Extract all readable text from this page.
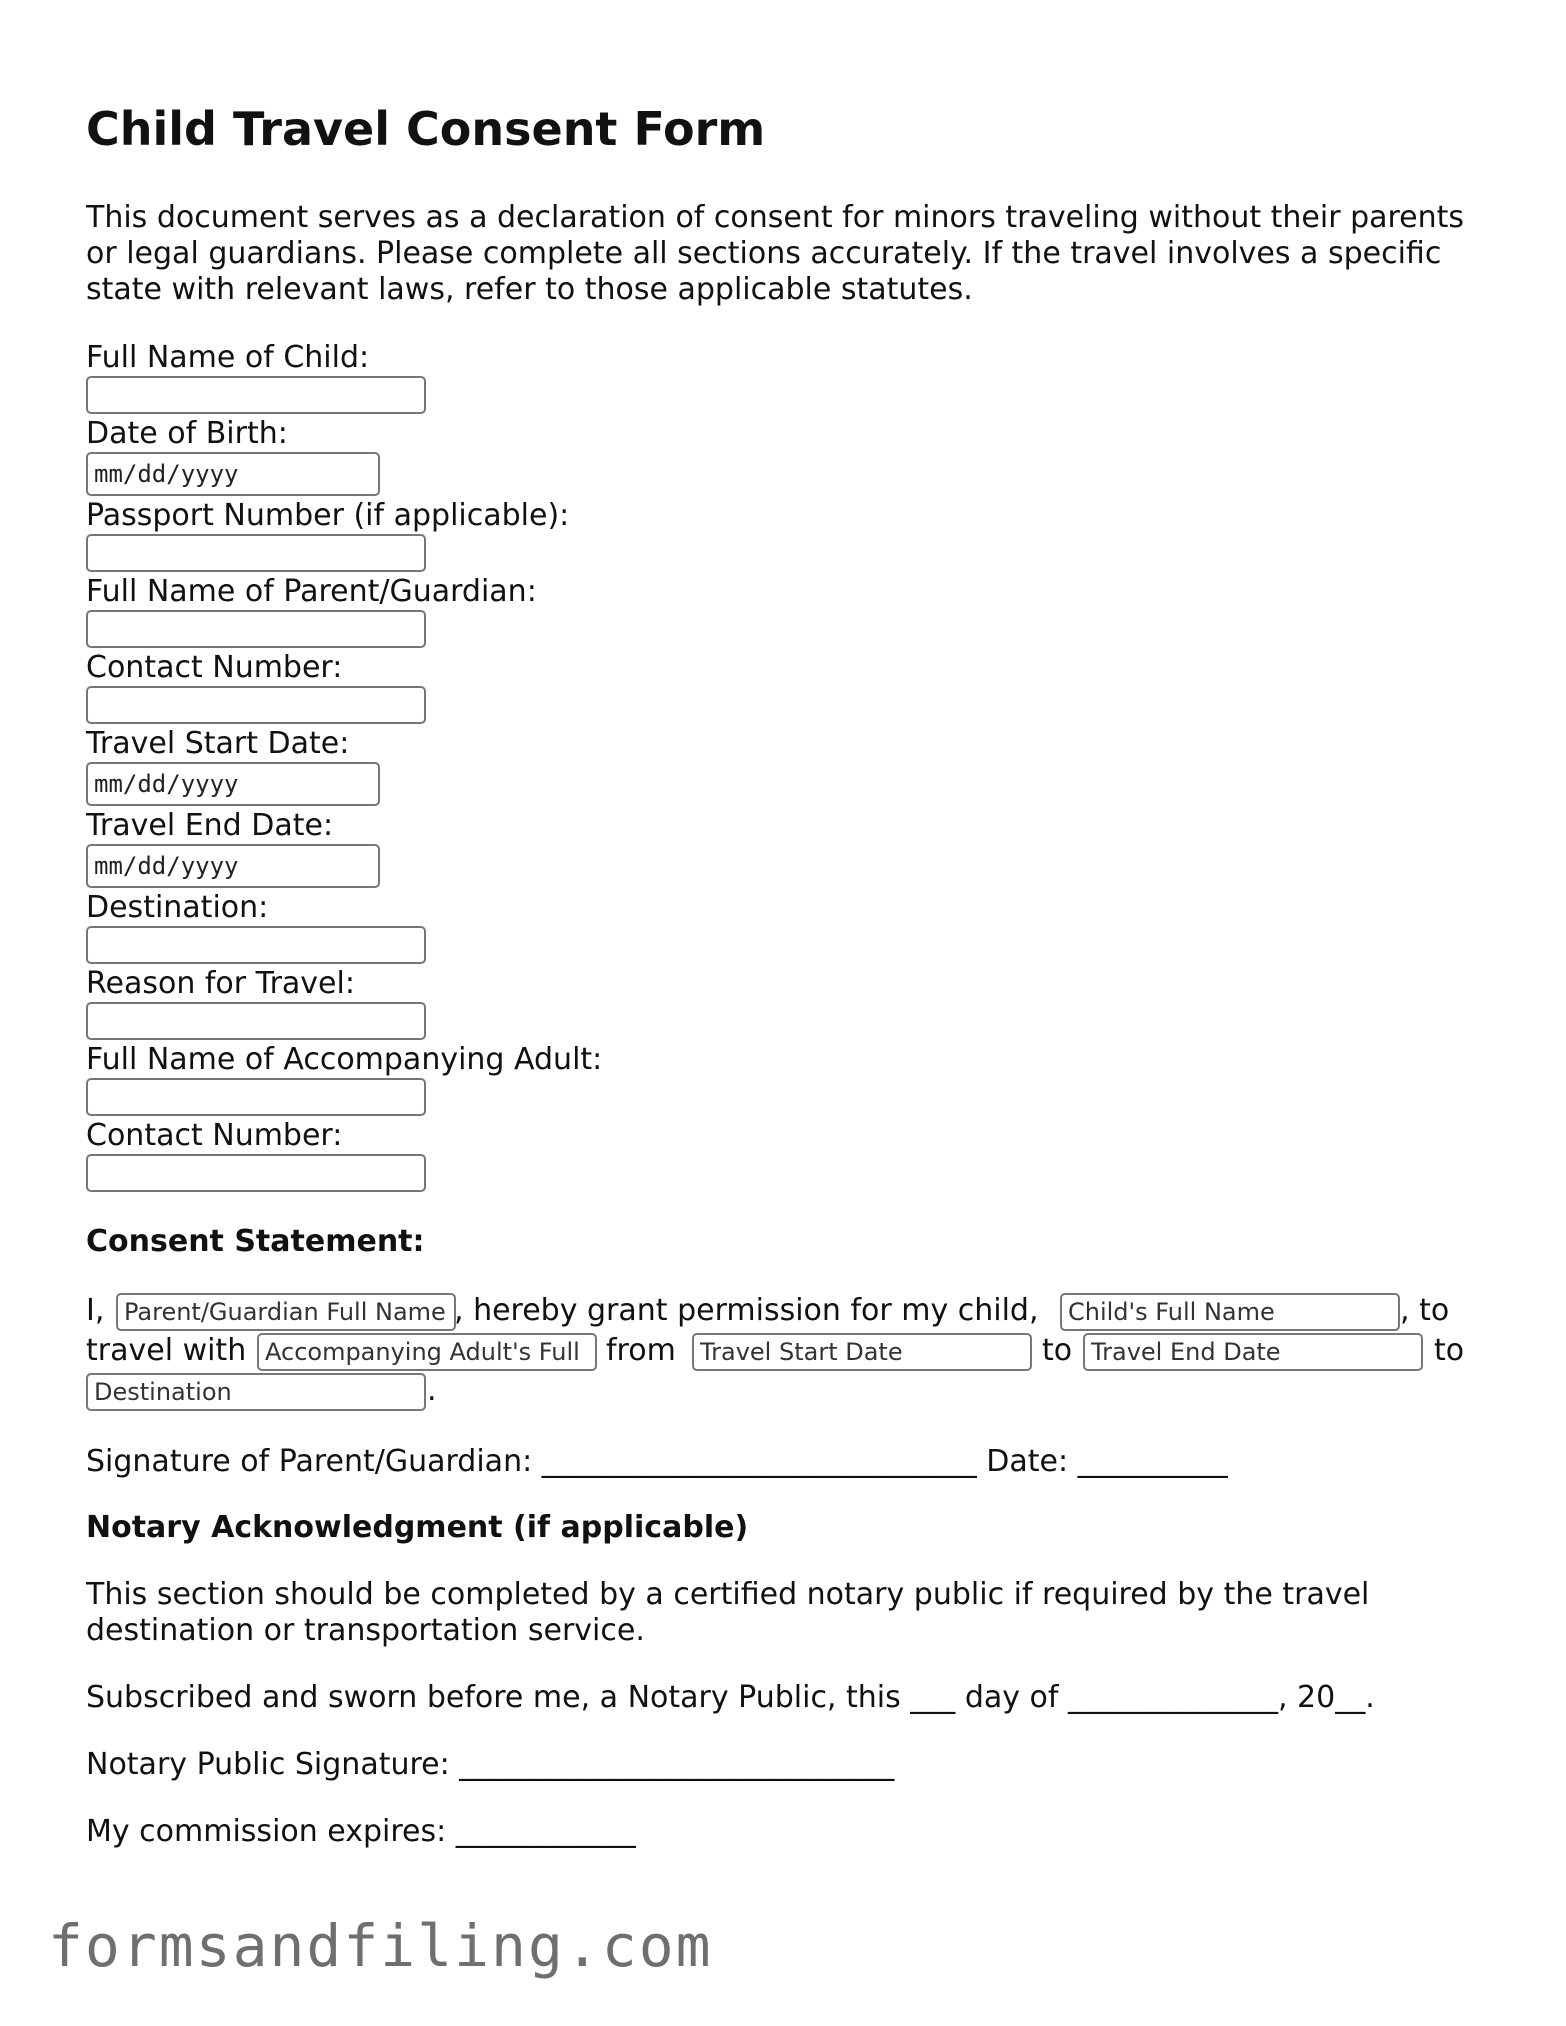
Child Travel Consent Form

This document serves as a declaration of consent for minors traveling without their parents or legal guardians. Please complete all sections accurately. If the travel involves a specific state with relevant laws, refer to those applicable statutes.

Full Name of Child:
Date of Birth:
mm/dd/yyyy
Passport Number (if applicable):
Full Name of Parent/Guardian:
Contact Number:
Travel Start Date:
mm/dd/yyyy
Travel End Date:
mm/dd/yyyy
Destination:
Reason for Travel:
Full Name of Accompanying Adult:
Contact Number:
Consent Statement:
I, Parent/Guardian Full Name , hereby grant permission for my child,	Child's Full Name	, to
travel with Accompanying Adult's Full from	Travel Start Date	to Travel End Date	to
Destination	.
Signature of Parent/Guardian: _____________________________ Date: __________
Notary Acknowledgment (if applicable)
This section should be completed by a certified notary public if required by the travel
destination or transportation service.
Subscribed and sworn before me, a Notary Public, this ___ day of ______________, 20__.
Notary Public Signature: _____________________________
My commission expires: ____________
formsandfiling.com
